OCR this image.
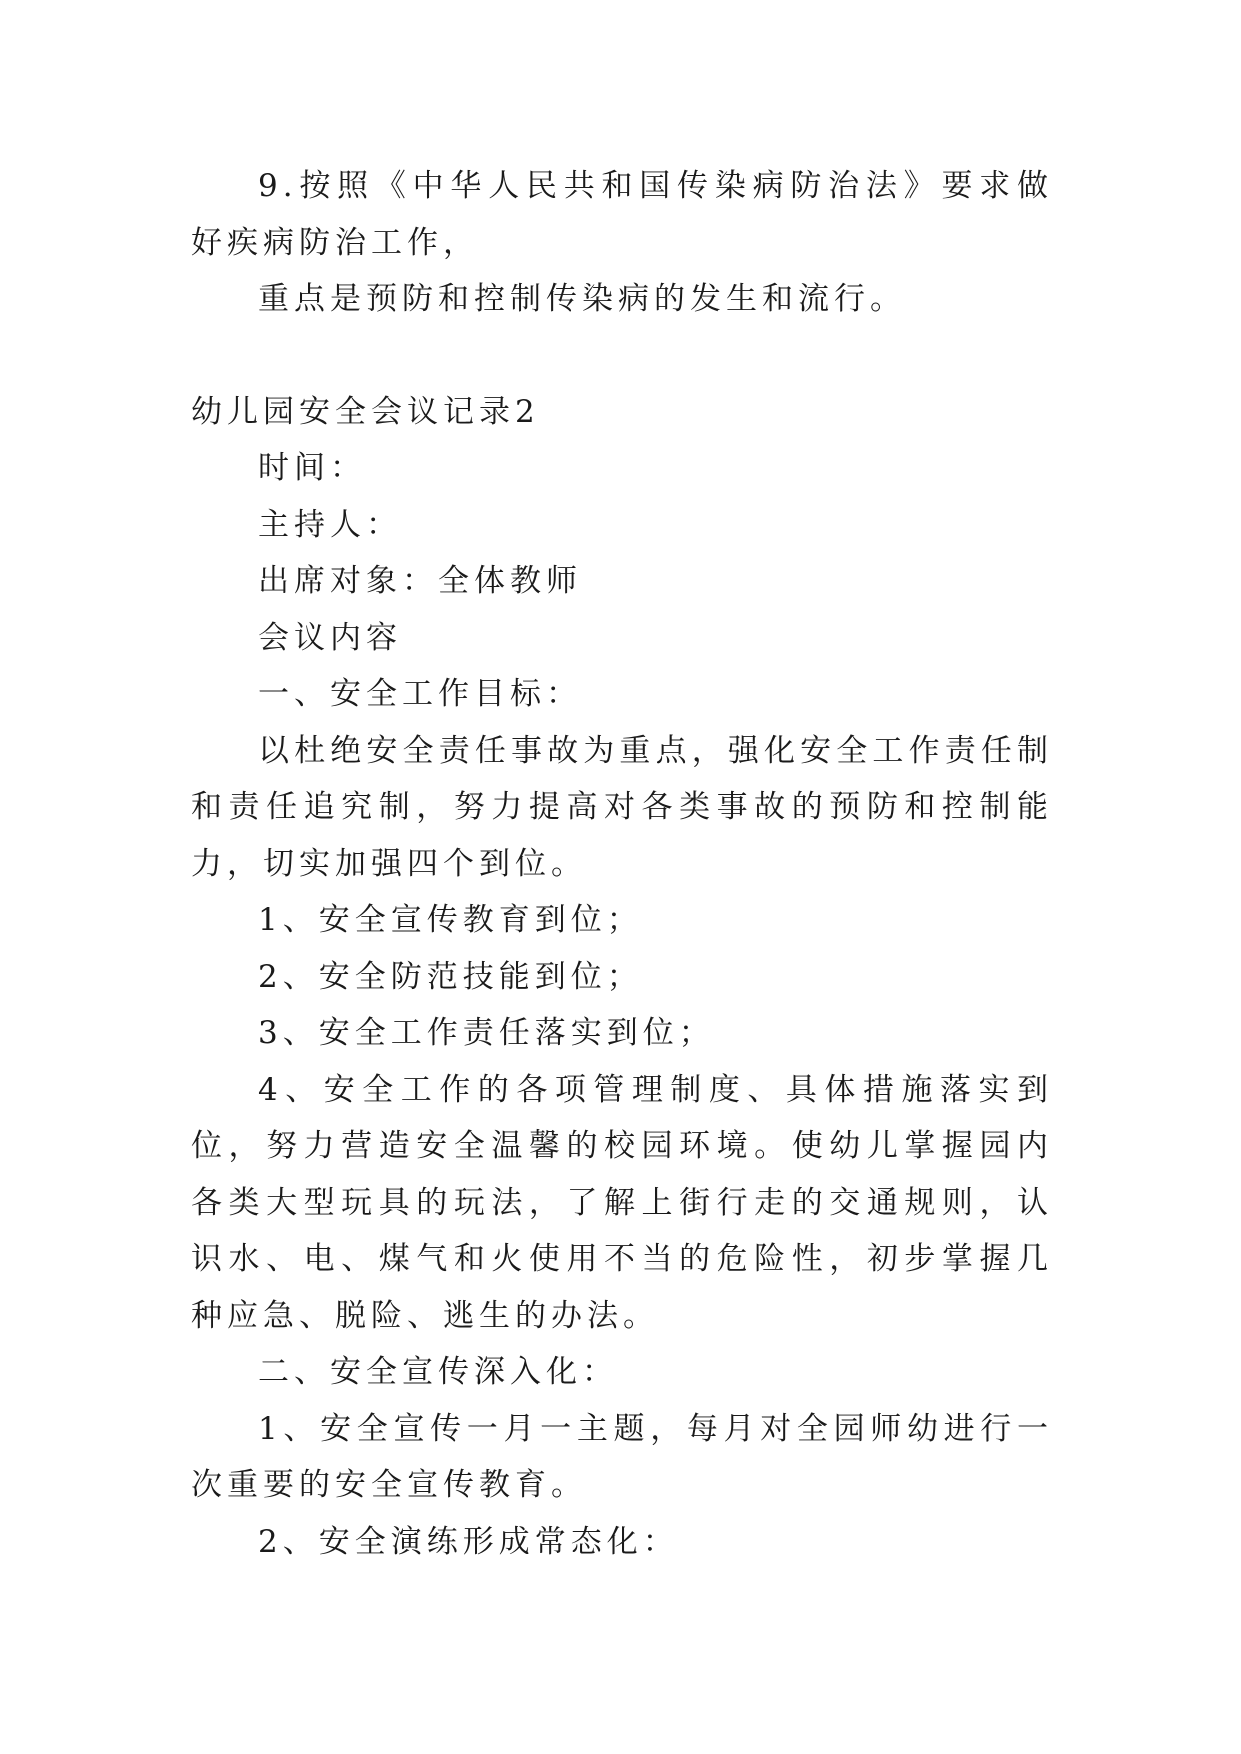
9.按照《中华人民共和国传染病防治法》要求做好疾病防治工作，

重点是预防和控制传染病的发生和流行。

幼儿园安全会议记录2

时间：

主持人：

出席对象：全体教师

会议内容

一、安全工作目标：

以杜绝安全责任事故为重点，强化安全工作责任制和责任追究制，努力提高对各类事故的预防和控制能力，切实加强四个到位。

1、安全宣传教育到位；

2、安全防范技能到位；

3、安全工作责任落实到位；

4、安全工作的各项管理制度、具体措施落实到位，努力营造安全温馨的校园环境。使幼儿掌握园内各类大型玩具的玩法，了解上街行走的交通规则，认识水、电、煤气和火使用不当的危险性，初步掌握几种应急、脱险、逃生的办法。

二、安全宣传深入化：

1、安全宣传一月一主题，每月对全园师幼进行一次重要的安全宣传教育。

2、安全演练形成常态化：
